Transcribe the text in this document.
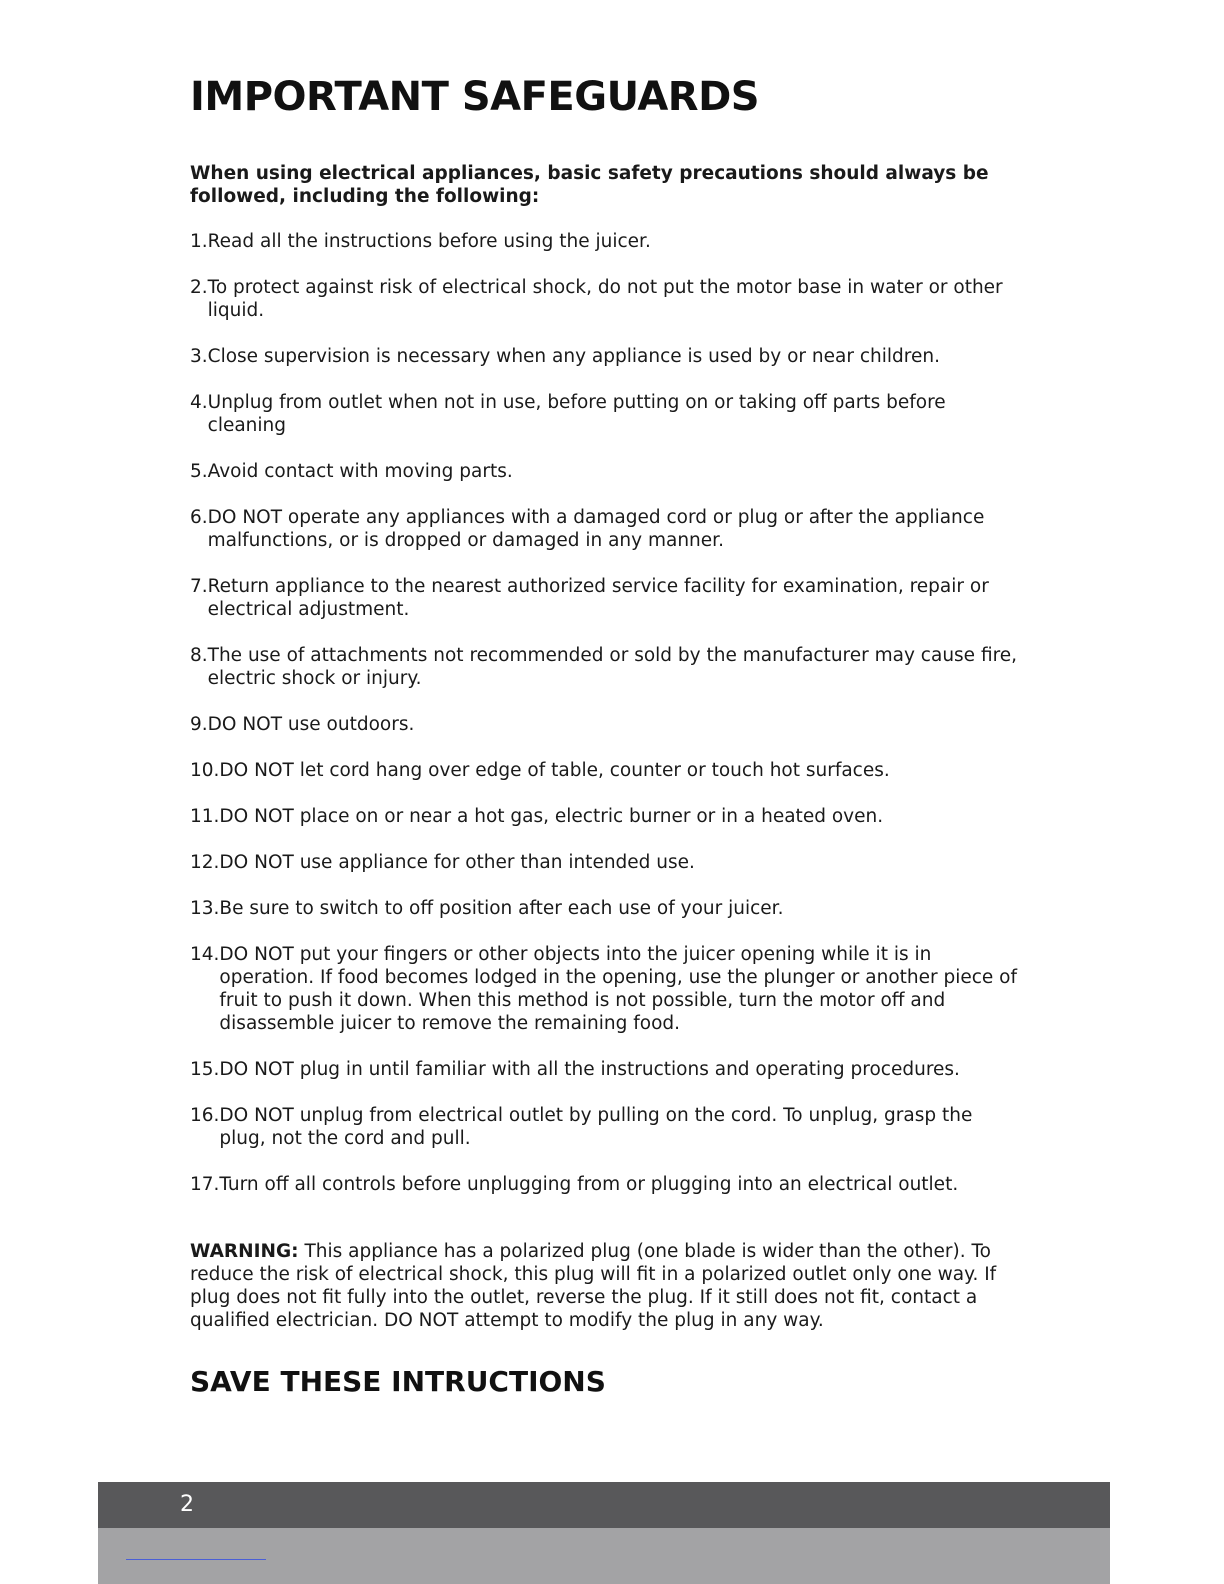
IMPORTANT SAFEGUARDS

When using electrical appliances, basic safety precautions should always be followed, including the following:

1. Read all the instructions before using the juicer.
2. To protect against risk of electrical shock, do not put the motor base in water or other liquid.
3. Close supervision is necessary when any appliance is used by or near children.
4. Unplug from outlet when not in use, before putting on or taking off parts before cleaning
5. Avoid contact with moving parts.
6. DO NOT operate any appliances with a damaged cord or plug or after the appliance malfunctions, or is dropped or damaged in any manner.
7. Return appliance to the nearest authorized service facility for examination, repair or electrical adjustment.
8. The use of attachments not recommended or sold by the manufacturer may cause fire, electric shock or injury.
9. DO NOT use outdoors.
10. DO NOT let cord hang over edge of table, counter or touch hot surfaces.
11. DO NOT place on or near a hot gas, electric burner or in a heated oven.
12. DO NOT use appliance for other than intended use.
13. Be sure to switch to off position after each use of your juicer.
14. DO NOT put your fingers or other objects into the juicer opening while it is in operation. If food becomes lodged in the opening, use the plunger or another piece of fruit to push it down. When this method is not possible, turn the motor off and disassemble juicer to remove the remaining food.
15. DO NOT plug in until familiar with all the instructions and operating procedures.
16. DO NOT unplug from electrical outlet by pulling on the cord. To unplug, grasp the plug, not the cord and pull.
17. Turn off all controls before unplugging from or plugging into an electrical outlet.

WARNING: This appliance has a polarized plug (one blade is wider than the other). To reduce the risk of electrical shock, this plug will fit in a polarized outlet only one way. If plug does not fit fully into the outlet, reverse the plug. If it still does not fit, contact a qualified electrician. DO NOT attempt to modify the plug in any way.

SAVE THESE INTRUCTIONS
2
